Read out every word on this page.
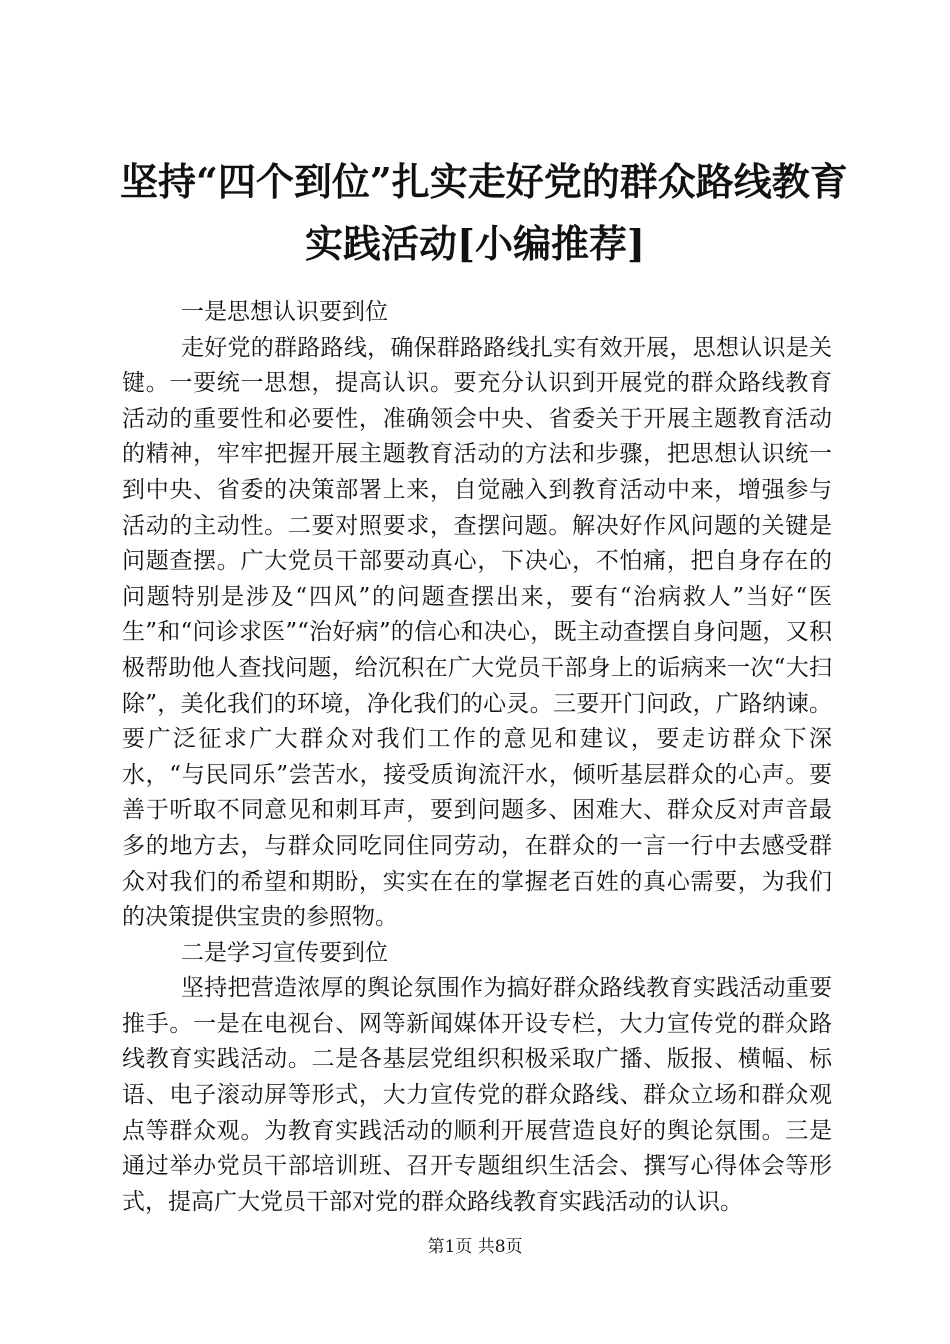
坚持“四个到位”扎实走好党的群众路线教育
实践活动[小编推荐]

一是思想认识要到位

走好党的群路路线，确保群路路线扎实有效开展，思想认识是关键。一要统一思想，提高认识。要充分认识到开展党的群众路线教育活动的重要性和必要性，准确领会中央、省委关于开展主题教育活动的精神，牢牢把握开展主题教育活动的方法和步骤，把思想认识统一到中央、省委的决策部署上来，自觉融入到教育活动中来，增强参与活动的主动性。二要对照要求，查摆问题。解决好作风问题的关键是问题查摆。广大党员干部要动真心，下决心，不怕痛，把自身存在的问题特别是涉及“四风”的问题查摆出来，要有“治病救人”当好“医生”和“问诊求医”“治好病”的信心和决心，既主动查摆自身问题，又积极帮助他人查找问题，给沉积在广大党员干部身上的诟病来一次“大扫除”，美化我们的环境，净化我们的心灵。三要开门问政，广路纳谏。要广泛征求广大群众对我们工作的意见和建议，要走访群众下深水，“与民同乐”尝苦水，接受质询流汗水，倾听基层群众的心声。要善于听取不同意见和刺耳声，要到问题多、困难大、群众反对声音最多的地方去，与群众同吃同住同劳动，在群众的一言一行中去感受群众对我们的希望和期盼，实实在在的掌握老百姓的真心需要，为我们的决策提供宝贵的参照物。

二是学习宣传要到位

坚持把营造浓厚的舆论氛围作为搞好群众路线教育实践活动重要推手。一是在电视台、网等新闻媒体开设专栏，大力宣传党的群众路线教育实践活动。二是各基层党组织积极采取广播、版报、横幅、标语、电子滚动屏等形式，大力宣传党的群众路线、群众立场和群众观点等群众观。为教育实践活动的顺利开展营造良好的舆论氛围。三是通过举办党员干部培训班、召开专题组织生活会、撰写心得体会等形式，提高广大党员干部对党的群众路线教育实践活动的认识。

第1页 共8页
